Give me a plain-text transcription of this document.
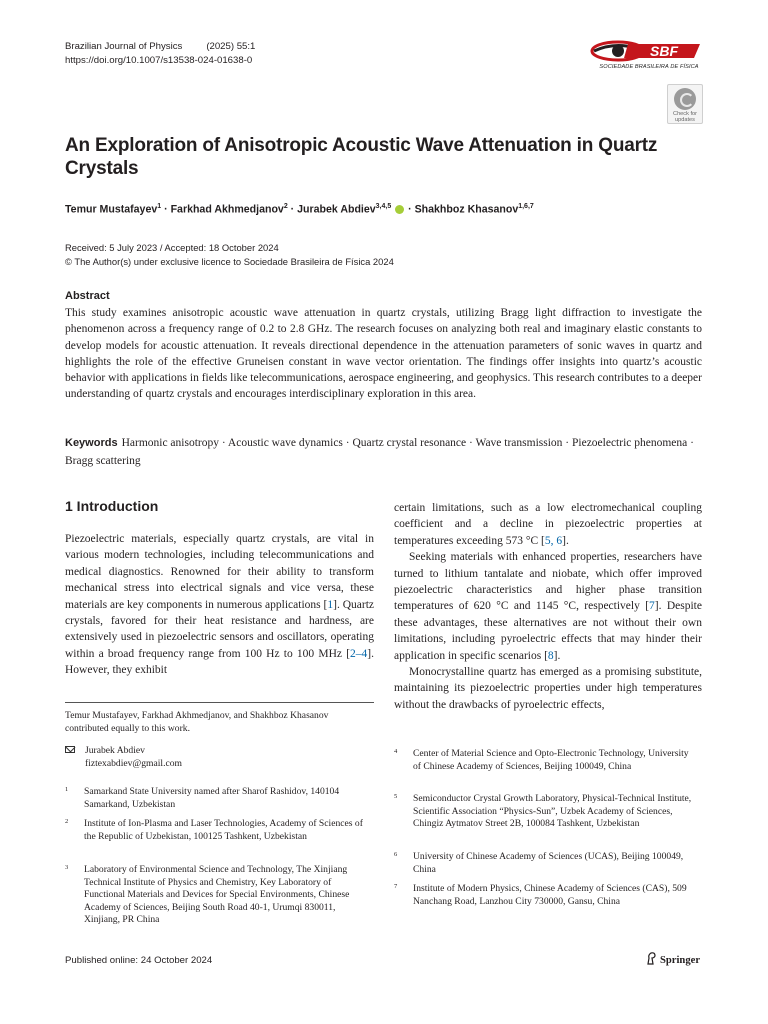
Brazilian Journal of Physics	(2025) 55:1
https://doi.org/10.1007/s13538-024-01638-0
SBF
SOCIEDADE BRASILEIRA DE FÍSICA
Check for
updates
An Exploration of Anisotropic Acoustic Wave Attenuation in Quartz Crystals
Temur Mustafayev$^1$ · Farkhad Akhmedjanov$^2$ · Jurabek Abdiev$^{3,4,5}$  · Shakhboz Khasanov$^{1,6,7}$
Received: 5 July 2023 / Accepted: 18 October 2024
© The Author(s) under exclusive licence to Sociedade Brasileira de Física 2024
Abstract

This study examines anisotropic acoustic wave attenuation in quartz crystals, utilizing Bragg light diffraction to investigate the phenomenon across a frequency range of 0.2 to 2.8 GHz. The research focuses on analyzing both real and imaginary elastic constants to develop models for acoustic attenuation. It reveals directional dependence in the attenuation parameters of sonic waves in quartz and highlights the role of the effective Gruneisen constant in wave vector orientation. The findings offer insights into quartz’s acoustic behavior with applications in fields like telecommunications, aerospace engineering, and geophysics. This research contributes to a deeper understanding of quartz crystals and encourages interdisciplinary exploration in this area.

Keywords Harmonic anisotropy · Acoustic wave dynamics · Quartz crystal resonance · Wave transmission · Piezoelectric phenomena · Bragg scattering
1 Introduction

Piezoelectric materials, especially quartz crystals, are vital in various modern technologies, including telecommunications and medical diagnostics. Renowned for their ability to transform mechanical stress into electrical signals and vice versa, these materials are key components in numerous applications [1]. Quartz crystals, favored for their heat resistance and hardness, are extensively used in piezoelectric sensors and oscillators, operating within a broad frequency range from 100 Hz to 100 MHz [2–4]. However, they exhibit

certain limitations, such as a low electromechanical coupling coefficient and a decline in piezoelectric properties at temperatures exceeding 573 °C [5, 6].

Seeking materials with enhanced properties, researchers have turned to lithium tantalate and niobate, which offer improved piezoelectric characteristics and higher phase transition temperatures of 620 °C and 1145 °C, respectively [7]. Despite these advantages, these alternatives are not without their own limitations, including pyroelectric effects that may hinder their application in specific scenarios [8].

Monocrystalline quartz has emerged as a promising substitute, maintaining its piezoelectric properties under high temperatures without the drawbacks of pyroelectric effects,

Temur Mustafayev, Farkhad Akhmedjanov, and Shakhboz Khasanov contributed equally to this work.
Jurabek Abdiev
fiztexabdiev@gmail.com
1 Samarkand State University named after Sharof Rashidov, 140104 Samarkand, Uzbekistan
2 Institute of Ion-Plasma and Laser Technologies, Academy of Sciences of the Republic of Uzbekistan, 100125 Tashkent, Uzbekistan
3 Laboratory of Environmental Science and Technology, The Xinjiang Technical Institute of Physics and Chemistry, Key Laboratory of Functional Materials and Devices for Special Environments, Chinese Academy of Sciences, Beijing South Road 40-1, Urumqi 830011, Xinjiang, PR China
4 Center of Material Science and Opto-Electronic Technology, University of Chinese Academy of Sciences, Beijing 100049, China
5 Semiconductor Crystal Growth Laboratory, Physical-Technical Institute, Scientific Association “Physics-Sun”, Uzbek Academy of Sciences, Chingiz Aytmatov Street 2B, 100084 Tashkent, Uzbekistan
6 University of Chinese Academy of Sciences (UCAS), Beijing 100049, China
7 Institute of Modern Physics, Chinese Academy of Sciences (CAS), 509 Nanchang Road, Lanzhou City 730000, Gansu, China
Published online: 24 October 2024	Springer
